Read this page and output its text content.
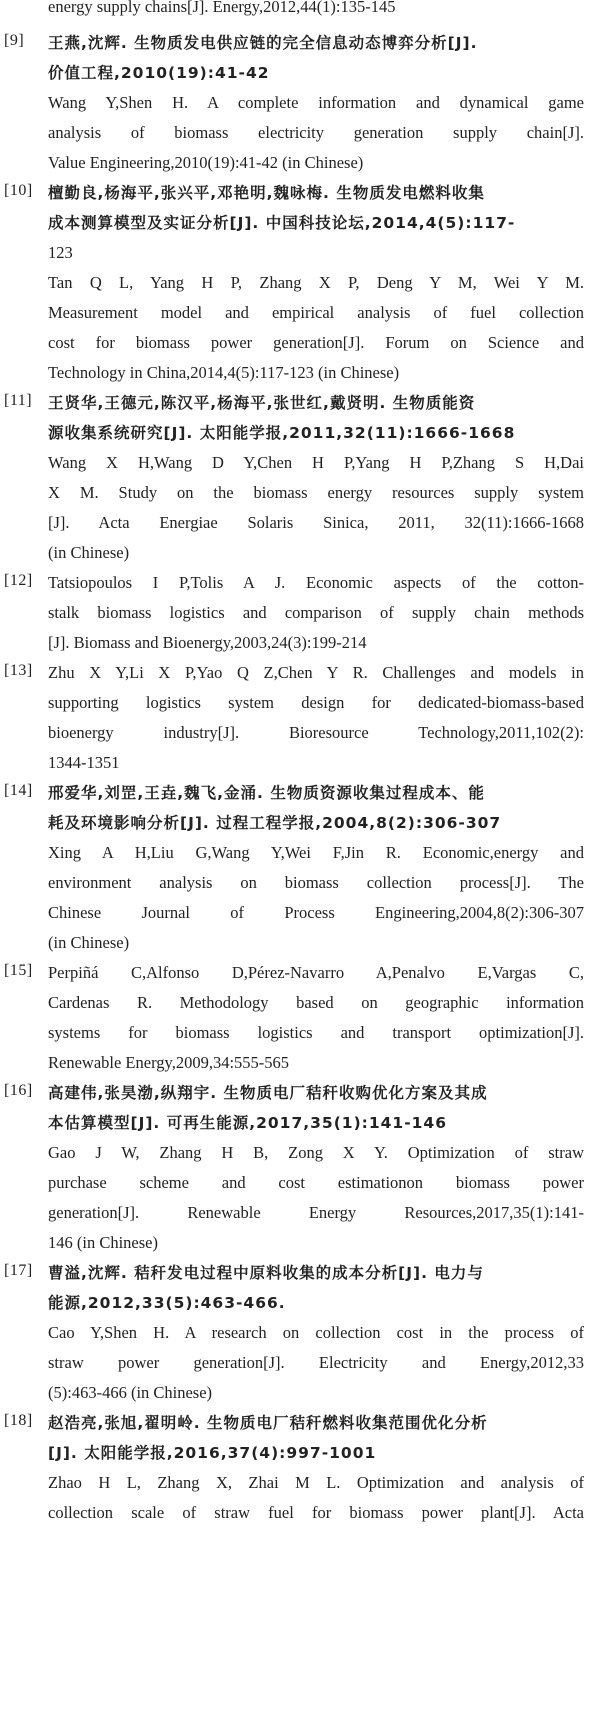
energy supply chains[J]. Energy,2012,44(1):135-145
[9] 王燕,沈辉. 生物质发电供应链的完全信息动态博弈分析[J].
价值工程,2010(19):41-42
Wang Y,Shen H. A complete information and dynamical game
analysis of biomass electricity generation supply chain[J].
Value Engineering,2010(19):41-42 (in Chinese)
[10] 檀勤良,杨海平,张兴平,邓艳明,魏咏梅. 生物质发电燃料收集
成本测算模型及实证分析[J]. 中国科技论坛,2014,4(5):117-
123
Tan Q L, Yang H P, Zhang X P, Deng Y M, Wei Y M.
Measurement model and empirical analysis of fuel collection
cost for biomass power generation[J]. Forum on Science and
Technology in China,2014,4(5):117-123 (in Chinese)
[11] 王贤华,王德元,陈汉平,杨海平,张世红,戴贤明. 生物质能资
源收集系统研究[J]. 太阳能学报,2011,32(11):1666-1668
Wang X H,Wang D Y,Chen H P,Yang H P,Zhang S H,Dai
X M. Study on the biomass energy resources supply system
[J]. Acta Energiae Solaris Sinica, 2011, 32(11):1666-1668
(in Chinese)
[12] Tatsiopoulos I P,Tolis A J. Economic aspects of the cotton-
stalk biomass logistics and comparison of supply chain methods
[J]. Biomass and Bioenergy,2003,24(3):199-214
[13] Zhu X Y,Li X P,Yao Q Z,Chen Y R. Challenges and models in
supporting logistics system design for dedicated-biomass-based
bioenergy industry[J]. Bioresource Technology,2011,102(2):
1344-1351
[14] 邢爱华,刘罡,王垚,魏飞,金涌. 生物质资源收集过程成本、能
耗及环境影响分析[J]. 过程工程学报,2004,8(2):306-307
Xing A H,Liu G,Wang Y,Wei F,Jin R. Economic,energy and
environment analysis on biomass collection process[J]. The
Chinese Journal of Process Engineering,2004,8(2):306-307
(in Chinese)
[15] Perpiñá C,Alfonso D,Pérez-Navarro A,Penalvo E,Vargas C,
Cardenas R. Methodology based on geographic information
systems for biomass logistics and transport optimization[J].
Renewable Energy,2009,34:555-565
[16] 高建伟,张昊渤,纵翔宇. 生物质电厂秸秆收购优化方案及其成
本估算模型[J]. 可再生能源,2017,35(1):141-146
Gao J W, Zhang H B, Zong X Y. Optimization of straw
purchase scheme and cost estimationon biomass power
generation[J]. Renewable Energy Resources,2017,35(1):141-
146 (in Chinese)
[17] 曹溢,沈辉. 秸秆发电过程中原料收集的成本分析[J]. 电力与
能源,2012,33(5):463-466.
Cao Y,Shen H. A research on collection cost in the process of
straw power generation[J]. Electricity and Energy,2012,33
(5):463-466 (in Chinese)
[18] 赵浩亮,张旭,翟明岭. 生物质电厂秸秆燃料收集范围优化分析
[J]. 太阳能学报,2016,37(4):997-1001
Zhao H L, Zhang X, Zhai M L. Optimization and analysis of
collection scale of straw fuel for biomass power plant[J]. Acta
